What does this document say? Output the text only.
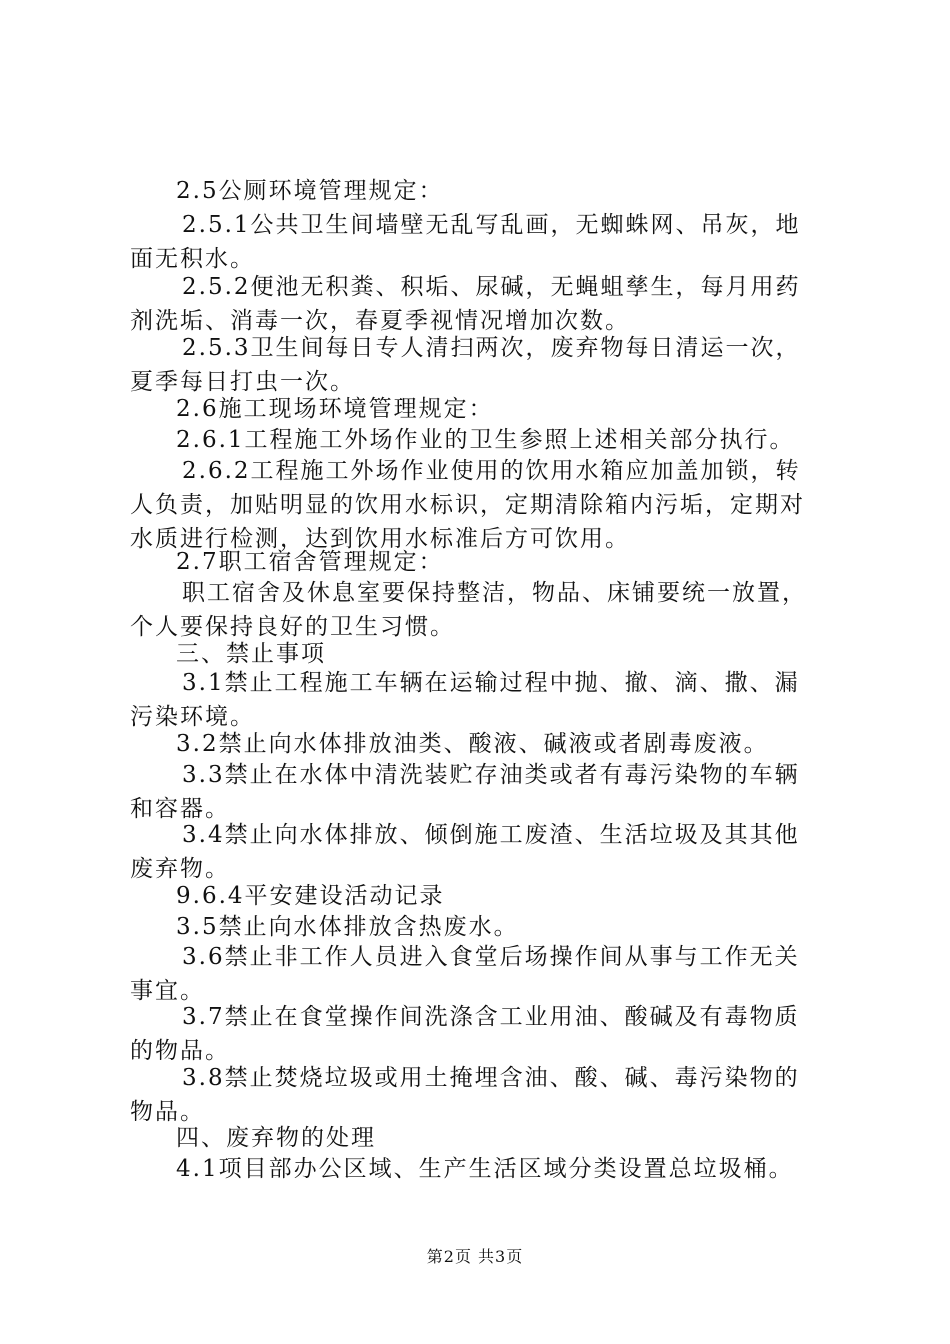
2.5公厕环境管理规定：
2.5.1公共卫生间墙壁无乱写乱画，无蜘蛛网、吊灰，地
面无积水。
2.5.2便池无积粪、积垢、尿碱，无蝇蛆孳生，每月用药
剂洗垢、消毒一次，春夏季视情况增加次数。
2.5.3卫生间每日专人清扫两次，废弃物每日清运一次，
夏季每日打虫一次。
2.6施工现场环境管理规定：
2.6.1工程施工外场作业的卫生参照上述相关部分执行。
2.6.2工程施工外场作业使用的饮用水箱应加盖加锁，转
人负责，加贴明显的饮用水标识，定期清除箱内污垢，定期对
水质进行检测，达到饮用水标准后方可饮用。
2.7职工宿舍管理规定：
职工宿舍及休息室要保持整洁，物品、床铺要统一放置，
个人要保持良好的卫生习惯。
三、禁止事项
3.1禁止工程施工车辆在运输过程中抛、撤、滴、撒、漏
污染环境。
3.2禁止向水体排放油类、酸液、碱液或者剧毒废液。
3.3禁止在水体中清洗装贮存油类或者有毒污染物的车辆
和容器。
3.4禁止向水体排放、倾倒施工废渣、生活垃圾及其其他
废弃物。
9.6.4平安建设活动记录
3.5禁止向水体排放含热废水。
3.6禁止非工作人员进入食堂后场操作间从事与工作无关
事宜。
3.7禁止在食堂操作间洗涤含工业用油、酸碱及有毒物质
的物品。
3.8禁止焚烧垃圾或用土掩埋含油、酸、碱、毒污染物的
物品。
四、废弃物的处理
4.1项目部办公区域、生产生活区域分类设置总垃圾桶。
第2页 共3页
